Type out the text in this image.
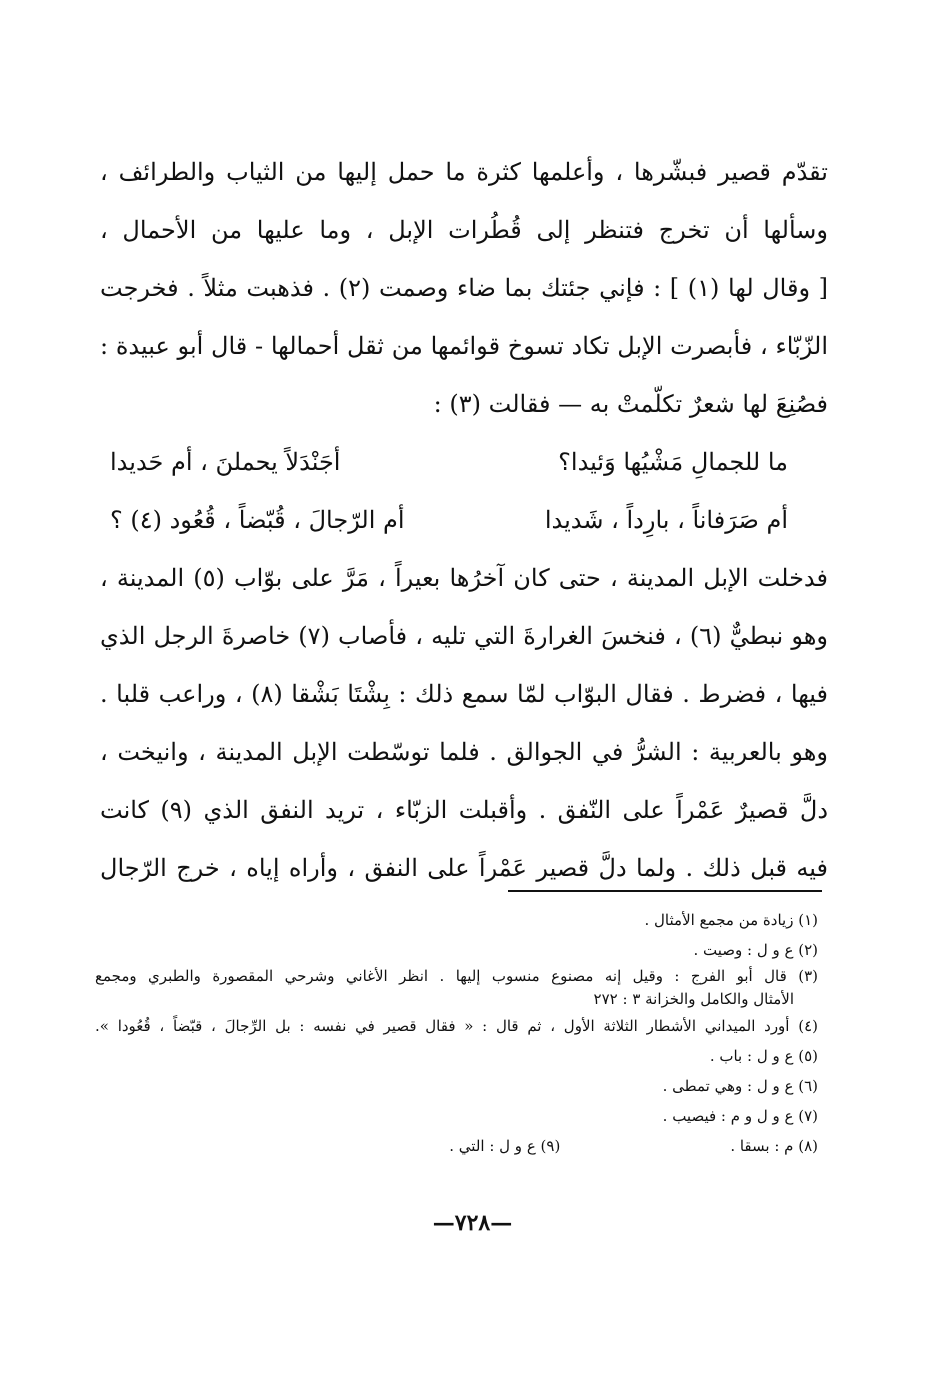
تقدّم قصير فبشّرها ، وأعلمها كثرة ما حمل إليها من الثياب والطرائف ،
وسألها أن تخرج فتنظر إلى قُطُرات الإبل ، وما عليها من الأحمال ،
[ وقال لها (١) ] : فإني جئتك بما ضاء وصمت (٢) . فذهبت مثلاً . فخرجت
الزّبّاء ، فأبصرت الإبل تكاد تسوخ قوائمها من ثقل أحمالها - قال أبو عبيدة :
فصُنِعَ لها شعرٌ تكلّمتْ به — فقالت (٣) :
ما للجمالِ مَشْيُها وَئيدا؟
أجَنْدَلاً يحملنَ ، أم حَديدا
أم صَرَفاناً ، بارِداً ، شَديدا
أم الرّجالَ ، قُبّضاً ، قُعُود (٤) ؟
فدخلت الإبل المدينة ، حتى كان آخرُها بعيراً ، مَرَّ على بوّاب (٥) المدينة ،
وهو نبطيٌّ (٦) ، فنخسَ الغرارةَ التي تليه ، فأصاب (٧) خاصرةَ الرجل الذي
فيها ، فضرط . فقال البوّاب لمّا سمع ذلك : بِشْتَا بَشْقا (٨) ، وراعب قلبا .
وهو بالعربية : الشرُّ في الجوالق . فلما توسّطت الإبل المدينة ، وانيخت ،
دلَّ قصيرٌ عَمْراً على النّفق . وأقبلت الزبّاء ، تريد النفق الذي (٩) كانت
فيه قبل ذلك . ولما دلَّ قصير عَمْراً على النفق ، وأراه إياه ، خرج الرّجال
(١) زيادة من مجمع الأمثال .
(٢) ع و ل : وصيت .
(٣) قال أبو الفرج : وقيل إنه مصنوع منسوب إليها . انظر الأغاني وشرحي المقصورة والطبري ومجمع
الأمثال والكامل والخزانة ٣ : ٢٧٢
(٤) أورد الميداني الأشطار الثلاثة الأول ، ثم قال : « فقال قصير في نفسه : بل الرِّجالَ ، قبّضاً ، قُعُودا ».
(٥) ع و ل : باب .
(٦) ع و ل : وهي تمطى .
(٧) ع و ل و م : فيصيب .
(٨) م : بسقا .
(٩) ع و ل : التي .
—٧٢٨—
